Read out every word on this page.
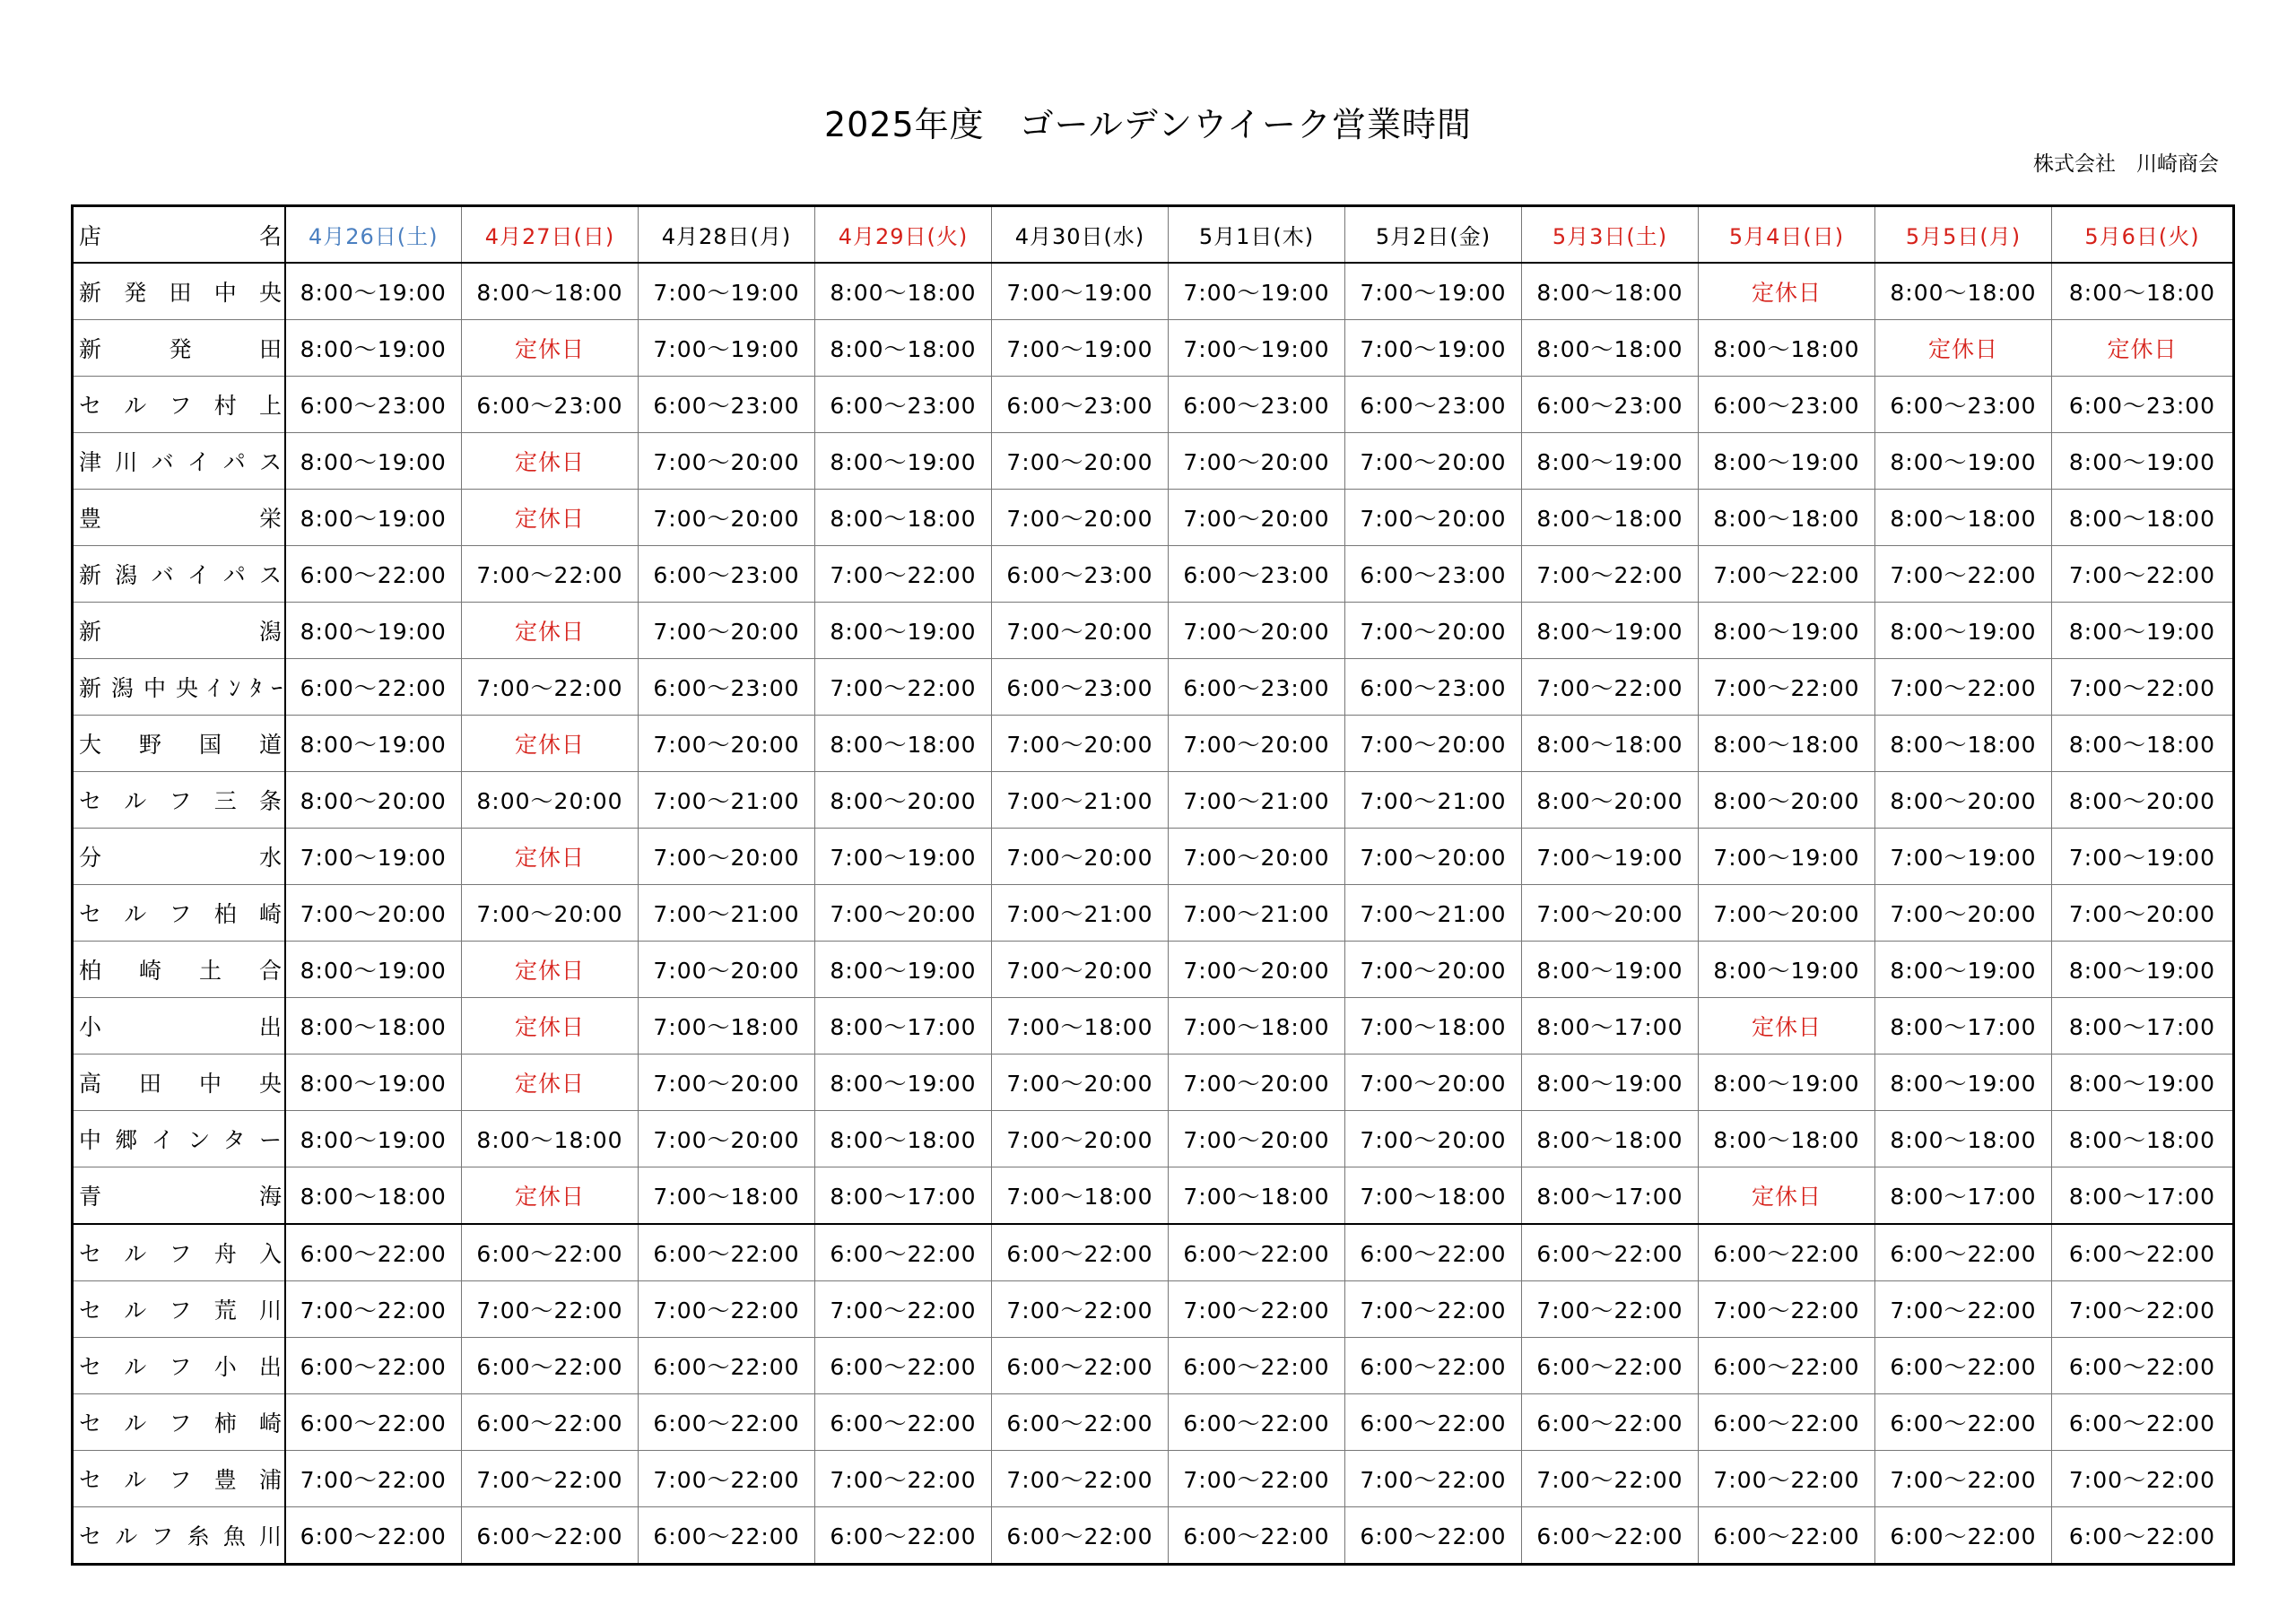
2025年度　ゴールデンウイーク営業時間
株式会社　川崎商会
店　　　　　　　名	4月26日(土)	4月27日(日)	4月28日(月)	4月29日(火)	4月30日(水)	5月1日(木)	5月2日(金)	5月3日(土)	5月4日(日)	5月5日(月)	5月6日(火)

新発田中央	8:00～19:00	8:00～18:00	7:00～19:00	8:00～18:00	7:00～19:00	7:00～19:00	7:00～19:00	8:00～18:00	定休日	8:00～18:00	8:00～18:00

新発田	8:00～19:00	定休日	7:00～19:00	8:00～18:00	7:00～19:00	7:00～19:00	7:00～19:00	8:00～18:00	8:00～18:00	定休日	定休日

セルフ村上	6:00～23:00	6:00～23:00	6:00～23:00	6:00～23:00	6:00～23:00	6:00～23:00	6:00～23:00	6:00～23:00	6:00～23:00	6:00～23:00	6:00～23:00

津川バイパス	8:00～19:00	定休日	7:00～20:00	8:00～19:00	7:00～20:00	7:00～20:00	7:00～20:00	8:00～19:00	8:00～19:00	8:00～19:00	8:00～19:00

豊栄	8:00～19:00	定休日	7:00～20:00	8:00～18:00	7:00～20:00	7:00～20:00	7:00～20:00	8:00～18:00	8:00～18:00	8:00～18:00	8:00～18:00

新潟バイパス	6:00～22:00	7:00～22:00	6:00～23:00	7:00～22:00	6:00～23:00	6:00～23:00	6:00～23:00	7:00～22:00	7:00～22:00	7:00～22:00	7:00～22:00

新潟	8:00～19:00	定休日	7:00～20:00	8:00～19:00	7:00～20:00	7:00～20:00	7:00～20:00	8:00～19:00	8:00～19:00	8:00～19:00	8:00～19:00

新潟中央ｲﾝﾀｰ	6:00～22:00	7:00～22:00	6:00～23:00	7:00～22:00	6:00～23:00	6:00～23:00	6:00～23:00	7:00～22:00	7:00～22:00	7:00～22:00	7:00～22:00

大野国道	8:00～19:00	定休日	7:00～20:00	8:00～18:00	7:00～20:00	7:00～20:00	7:00～20:00	8:00～18:00	8:00～18:00	8:00～18:00	8:00～18:00

セルフ三条	8:00～20:00	8:00～20:00	7:00～21:00	8:00～20:00	7:00～21:00	7:00～21:00	7:00～21:00	8:00～20:00	8:00～20:00	8:00～20:00	8:00～20:00

分水	7:00～19:00	定休日	7:00～20:00	7:00～19:00	7:00～20:00	7:00～20:00	7:00～20:00	7:00～19:00	7:00～19:00	7:00～19:00	7:00～19:00

セルフ柏崎	7:00～20:00	7:00～20:00	7:00～21:00	7:00～20:00	7:00～21:00	7:00～21:00	7:00～21:00	7:00～20:00	7:00～20:00	7:00～20:00	7:00～20:00

柏崎土合	8:00～19:00	定休日	7:00～20:00	8:00～19:00	7:00～20:00	7:00～20:00	7:00～20:00	8:00～19:00	8:00～19:00	8:00～19:00	8:00～19:00

小出	8:00～18:00	定休日	7:00～18:00	8:00～17:00	7:00～18:00	7:00～18:00	7:00～18:00	8:00～17:00	定休日	8:00～17:00	8:00～17:00

高田中央	8:00～19:00	定休日	7:00～20:00	8:00～19:00	7:00～20:00	7:00～20:00	7:00～20:00	8:00～19:00	8:00～19:00	8:00～19:00	8:00～19:00

中郷インター	8:00～19:00	8:00～18:00	7:00～20:00	8:00～18:00	7:00～20:00	7:00～20:00	7:00～20:00	8:00～18:00	8:00～18:00	8:00～18:00	8:00～18:00

青海	8:00～18:00	定休日	7:00～18:00	8:00～17:00	7:00～18:00	7:00～18:00	7:00～18:00	8:00～17:00	定休日	8:00～17:00	8:00～17:00

セルフ舟入	6:00～22:00	6:00～22:00	6:00～22:00	6:00～22:00	6:00～22:00	6:00～22:00	6:00～22:00	6:00～22:00	6:00～22:00	6:00～22:00	6:00～22:00

セルフ荒川	7:00～22:00	7:00～22:00	7:00～22:00	7:00～22:00	7:00～22:00	7:00～22:00	7:00～22:00	7:00～22:00	7:00～22:00	7:00～22:00	7:00～22:00

セルフ小出	6:00～22:00	6:00～22:00	6:00～22:00	6:00～22:00	6:00～22:00	6:00～22:00	6:00～22:00	6:00～22:00	6:00～22:00	6:00～22:00	6:00～22:00

セルフ柿崎	6:00～22:00	6:00～22:00	6:00～22:00	6:00～22:00	6:00～22:00	6:00～22:00	6:00～22:00	6:00～22:00	6:00～22:00	6:00～22:00	6:00～22:00

セルフ豊浦	7:00～22:00	7:00～22:00	7:00～22:00	7:00～22:00	7:00～22:00	7:00～22:00	7:00～22:00	7:00～22:00	7:00～22:00	7:00～22:00	7:00～22:00

セルフ糸魚川	6:00～22:00	6:00～22:00	6:00～22:00	6:00～22:00	6:00～22:00	6:00～22:00	6:00～22:00	6:00～22:00	6:00～22:00	6:00～22:00	6:00～22:00
